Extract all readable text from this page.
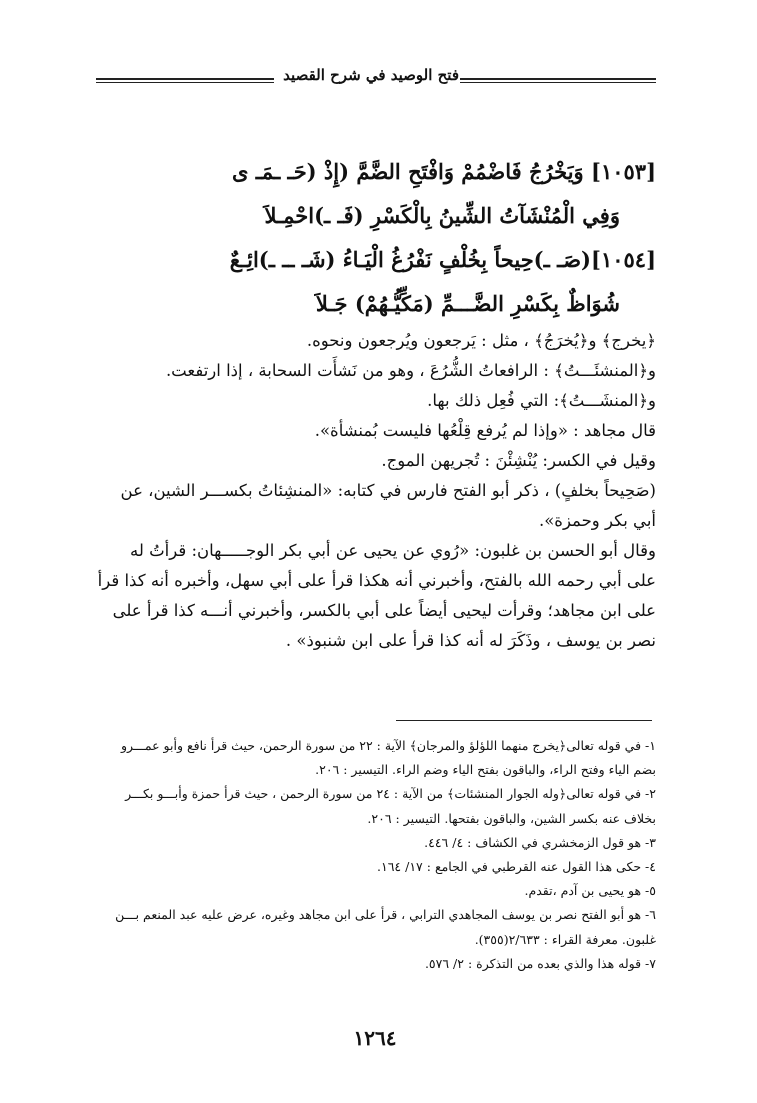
فتح الوصيد في شرح القصيد
[١٠٥٣] وَيَخْرُجُ فَاضْمُمْ وَافْتَحِ الضَّمَّ (إِذْ (حَـ ـمَـ ى
وَفِي الْمُنْشَآتُ الشِّينُ بِالْكَسْرِ (فَـ ـ)احْمِـلاَ
[١٠٥٤](صَـ ـ)حِيحاً بِخُلْفٍ نَفْرُغُ الْيَـاءُ (شَـ ــ ـ)ائِـعٌ
شُوَاظٌ بِكَسْرِ الضَّـــمِّ (مَكِّيُّـهُمْ) جَـلاَ

﴿يخرج﴾ و﴿يُخرَجُ﴾ ، مثل : يَرجعون ويُرجعون ونحوه.

و﴿المنشئَـــتُ﴾ : الرافعاتُ الشُّرُعَ ، وهو من نَشأَت السحابة ، إذا ارتفعت.

و﴿المنشَـــتُ﴾: التي فُعِل ذلك بها.

قال مجاهد : «وإذا لم يُرفع قِلْعُها فليست بُمنشأة».

وقيل في الكسر: يُنْشِئْنَ : تُجريهن الموج.

(صَحِيحاً بخلفٍ) ، ذكر أبو الفتح فارس في كتابه: «المنشِئاتُ بكســـر الشين، عن أبي بكر وحمزة».

وقال أبو الحسن بن غلبون: «رُوي عن يحيى عن أبي بكر الوجـــــهان: قرأتُ له على أبي رحمه الله بالفتح، وأخبرني أنه هكذا قرأ على أبي سهل، وأخبره أنه كذا قرأ على ابن مجاهد؛ وقرأت ليحيى أيضاً على أبي بالكسر، وأخبرني أنـــه كذا قرأ على نصر بن يوسف ، وذَكَرَ له أنه كذا قرأ على ابن شنبوذ» .

١- في قوله تعالى﴿يخرج منهما اللؤلؤ والمرجان﴾ الآية : ٢٢ من سورة الرحمن، حيث قرأ نافع وأبو عمـــرو بضم الياء وفتح الراء، والباقون بفتح الياء وضم الراء. التيسير : ٢٠٦.

٢- في قوله تعالى﴿وله الجوار المنشئات﴾ من الآية : ٢٤ من سورة الرحمن ، حيث قرأ حمزة وأبـــو بكـــر بخلاف عنه بكسر الشين، والباقون بفتحها. التيسير : ٢٠٦.

٣- هو قول الزمخشري في الكشاف : ٤/ ٤٤٦.

٤- حكى هذا القول عنه القرطبي في الجامع : ١٧/ ١٦٤.

٥- هو يحيى بن آدم ،تقدم.

٦- هو أبو الفتح نصر بن يوسف المجاهدي الترابي ، قرأ على ابن مجاهد وغيره، عرض عليه عبد المنعم بـــن غلبون. معرفة القراء : ٢/٦٣٣(٣٥٥).

٧- قوله هذا والذي بعده من التذكرة : ٢/ ٥٧٦.

١٢٦٤
